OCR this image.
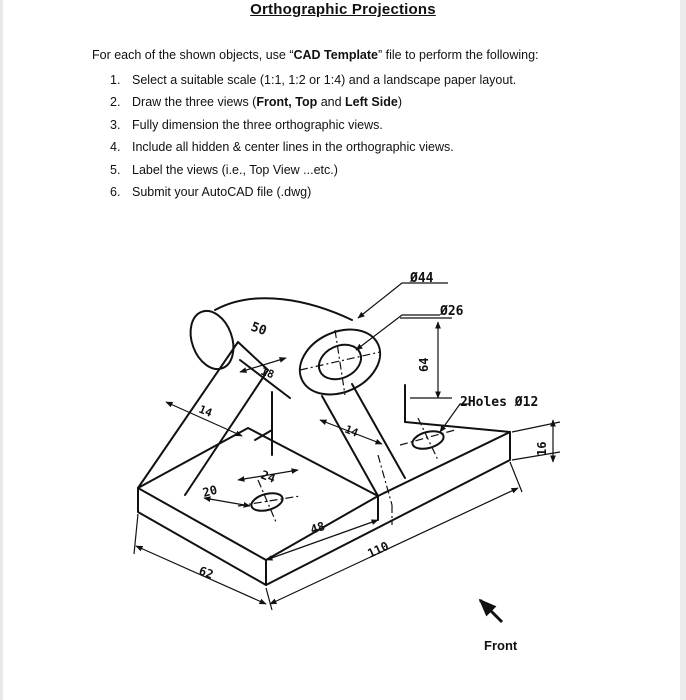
Orthographic Projections
For each of the shown objects, use “CAD Template” file to perform the following:
1. Select a suitable scale (1:1, 1:2 or 1:4) and a landscape paper layout.
2. Draw the three views (Front, Top and Left Side)
3. Fully dimension the three orthographic views.
4. Include all hidden & center lines in the orthographic views.
5. Label the views (i.e., Top View ...etc.)
6. Submit your AutoCAD file (.dwg)
Ø44
Ø26
50
18	64
2Holes Ø12
14
14
16
24
20
48
110
62
Front
